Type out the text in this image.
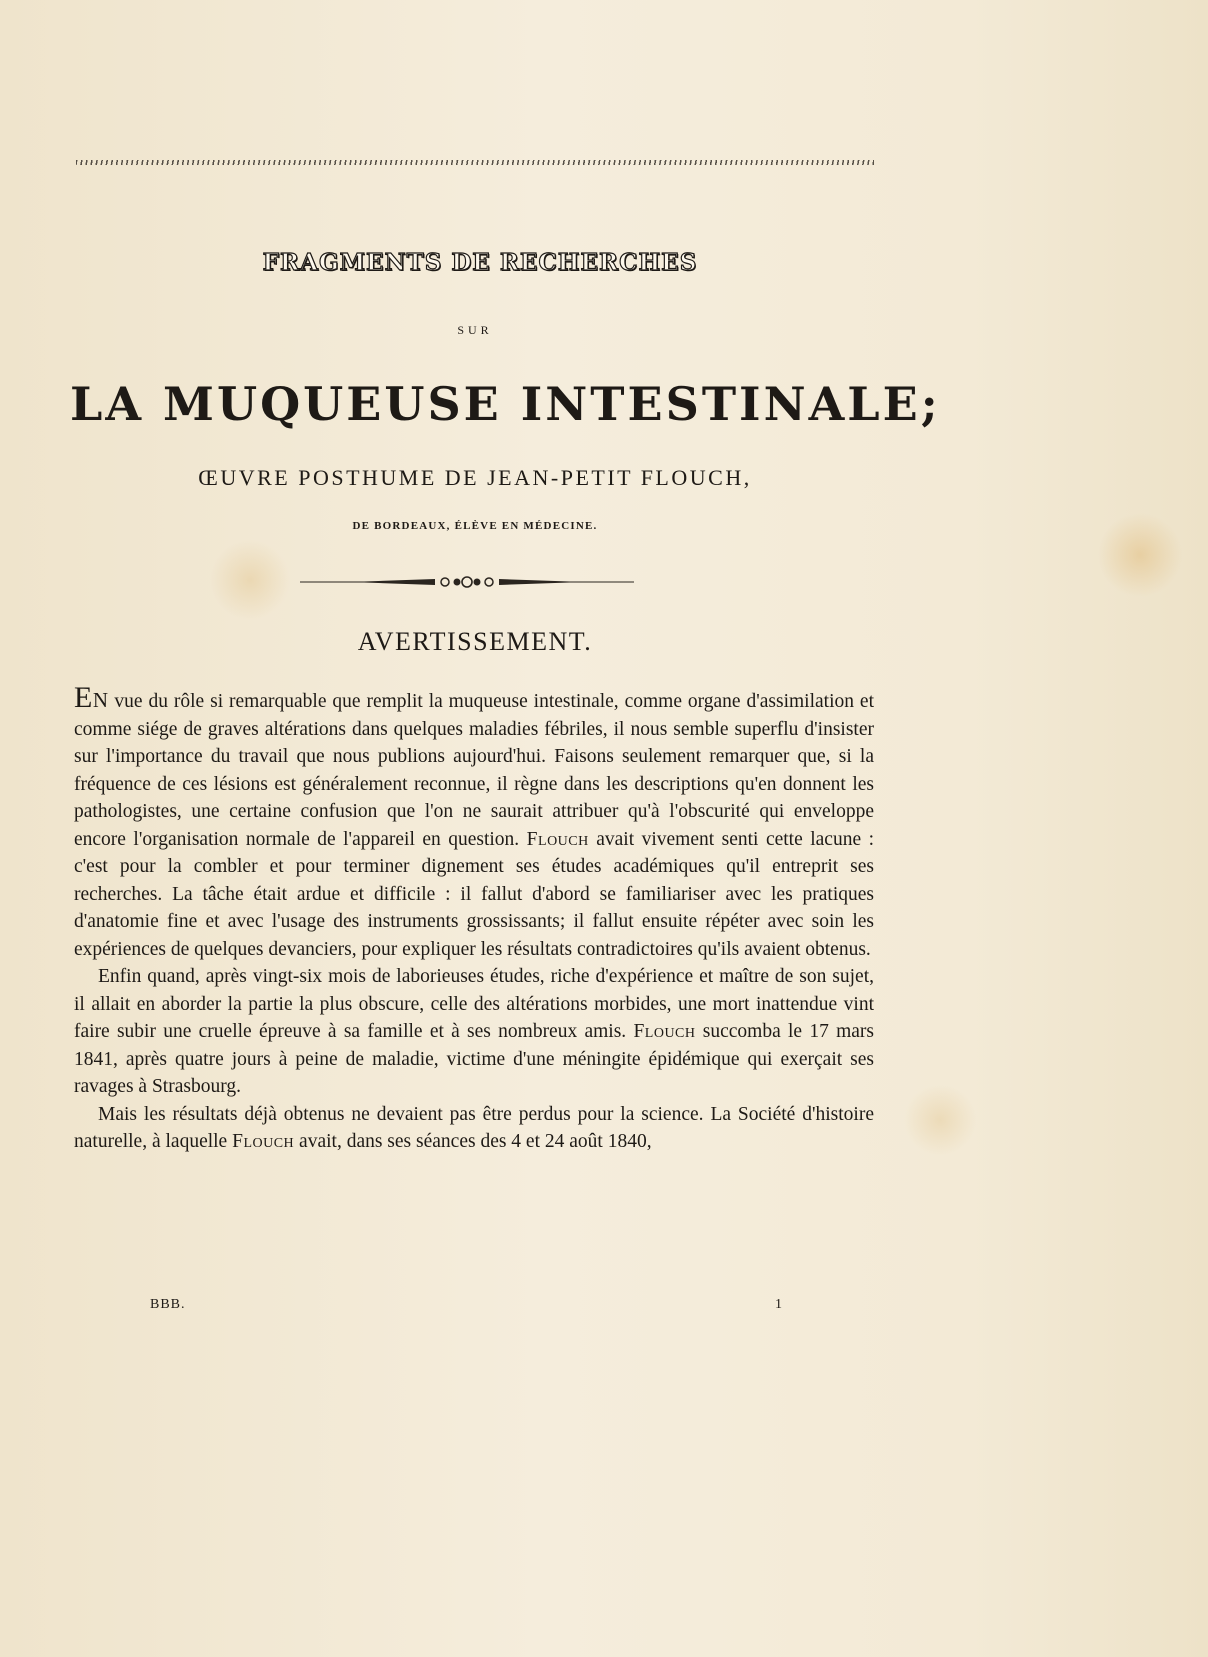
FRAGMENTS DE RECHERCHES
SUR
LA MUQUEUSE INTESTINALE;
ŒUVRE POSTHUME DE JEAN-PETIT FLOUCH,
DE BORDEAUX, ÉLÈVE EN MÉDECINE.
AVERTISSEMENT.

En vue du rôle si remarquable que remplit la muqueuse intestinale, comme organe d'assimilation et comme siége de graves altérations dans quelques maladies fébriles, il nous semble superflu d'insister sur l'importance du travail que nous publions aujourd'hui. Faisons seulement remarquer que, si la fréquence de ces lésions est généralement reconnue, il règne dans les descriptions qu'en donnent les pathologistes, une certaine confusion que l'on ne saurait attribuer qu'à l'obscurité qui enveloppe encore l'organisation normale de l'appareil en question. Flouch avait vivement senti cette lacune : c'est pour la combler et pour terminer dignement ses études académiques qu'il entreprit ses recherches. La tâche était ardue et difficile : il fallut d'abord se familiariser avec les pratiques d'anatomie fine et avec l'usage des instruments grossissants; il fallut ensuite répéter avec soin les expériences de quelques devanciers, pour expliquer les résultats contradictoires qu'ils avaient obtenus.

Enfin quand, après vingt-six mois de laborieuses études, riche d'expérience et maître de son sujet, il allait en aborder la partie la plus obscure, celle des altérations morbides, une mort inattendue vint faire subir une cruelle épreuve à sa famille et à ses nombreux amis. Flouch succomba le 17 mars 1841, après quatre jours à peine de maladie, victime d'une méningite épidémique qui exerçait ses ravages à Strasbourg.

Mais les résultats déjà obtenus ne devaient pas être perdus pour la science. La Société d'histoire naturelle, à laquelle Flouch avait, dans ses séances des 4 et 24 août 1840,

BBB.	1
